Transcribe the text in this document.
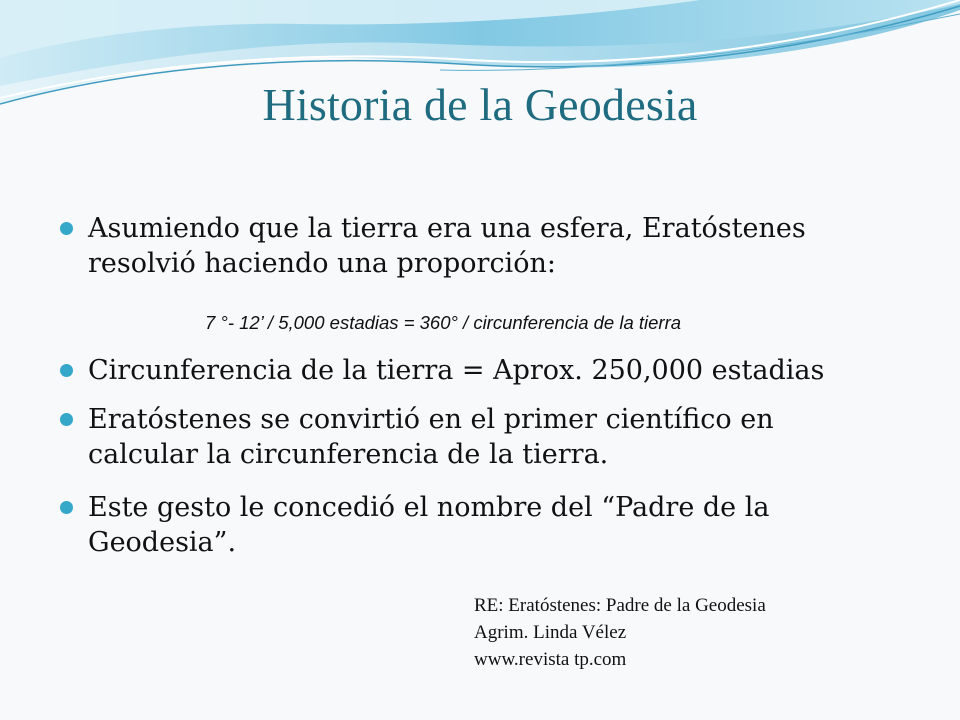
Historia de la Geodesia
Asumiendo que la tierra era una esfera, Eratóstenes resolvió haciendo una proporción:
7 °- 12’ / 5,000 estadias = 360° / circunferencia de la tierra
Circunferencia de la tierra = Aprox. 250,000 estadias
Eratóstenes se convirtió en el primer científico en calcular la circunferencia de la tierra.
Este gesto le concedió el nombre del “Padre de la Geodesia”.
RE: Eratóstenes: Padre de la Geodesia
Agrim. Linda Vélez
www.revista tp.com
